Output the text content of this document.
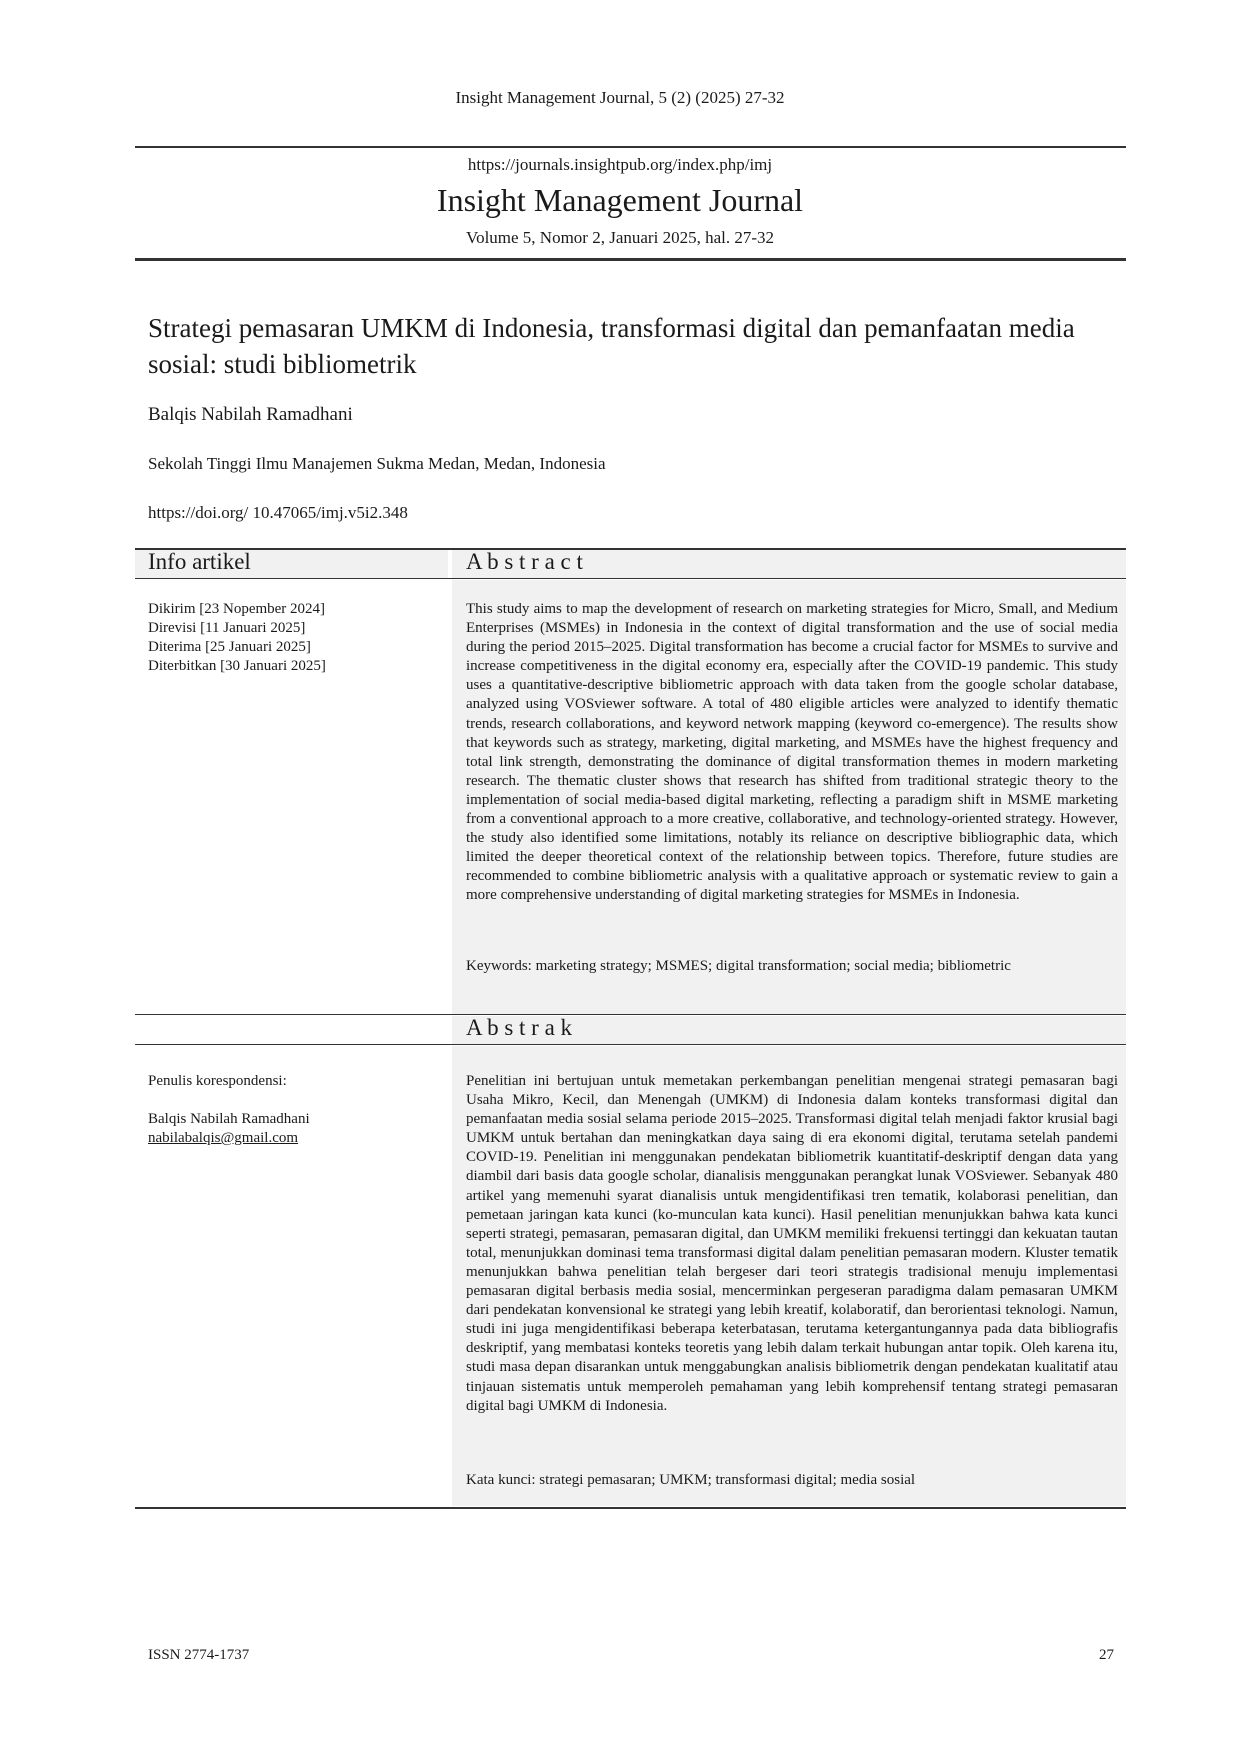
Insight Management Journal, 5 (2) (2025) 27-32
https://journals.insightpub.org/index.php/imj
Insight Management Journal
Volume 5, Nomor 2, Januari 2025, hal. 27-32
Strategi pemasaran UMKM di Indonesia, transformasi digital dan pemanfaatan media sosial: studi bibliometrik
Balqis Nabilah Ramadhani
Sekolah Tinggi Ilmu Manajemen Sukma Medan, Medan, Indonesia
https://doi.org/ 10.47065/imj.v5i2.348
Info artikel	A b s t r a c t
Dikirim [23 Nopember 2024]
Direvisi [11 Januari 2025]
Diterima [25 Januari 2025]
Diterbitkan [30 Januari 2025]
This study aims to map the development of research on marketing strategies for Micro, Small, and Medium Enterprises (MSMEs) in Indonesia in the context of digital transformation and the use of social media during the period 2015–2025. Digital transformation has become a crucial factor for MSMEs to survive and increase competitiveness in the digital economy era, especially after the COVID-19 pandemic. This study uses a quantitative-descriptive bibliometric approach with data taken from the google scholar database, analyzed using VOSviewer software. A total of 480 eligible articles were analyzed to identify thematic trends, research collaborations, and keyword network mapping (keyword co-emergence). The results show that keywords such as strategy, marketing, digital marketing, and MSMEs have the highest frequency and total link strength, demonstrating the dominance of digital transformation themes in modern marketing research. The thematic cluster shows that research has shifted from traditional strategic theory to the implementation of social media-based digital marketing, reflecting a paradigm shift in MSME marketing from a conventional approach to a more creative, collaborative, and technology-oriented strategy. However, the study also identified some limitations, notably its reliance on descriptive bibliographic data, which limited the deeper theoretical context of the relationship between topics. Therefore, future studies are recommended to combine bibliometric analysis with a qualitative approach or systematic review to gain a more comprehensive understanding of digital marketing strategies for MSMEs in Indonesia.
Keywords: marketing strategy; MSMES; digital transformation; social media; bibliometric
A b s t r a k
Penulis korespondensi:
Balqis Nabilah Ramadhani
nabilabalqis@gmail.com
Penelitian ini bertujuan untuk memetakan perkembangan penelitian mengenai strategi pemasaran bagi Usaha Mikro, Kecil, dan Menengah (UMKM) di Indonesia dalam konteks transformasi digital dan pemanfaatan media sosial selama periode 2015–2025. Transformasi digital telah menjadi faktor krusial bagi UMKM untuk bertahan dan meningkatkan daya saing di era ekonomi digital, terutama setelah pandemi COVID-19. Penelitian ini menggunakan pendekatan bibliometrik kuantitatif-deskriptif dengan data yang diambil dari basis data google scholar, dianalisis menggunakan perangkat lunak VOSviewer. Sebanyak 480 artikel yang memenuhi syarat dianalisis untuk mengidentifikasi tren tematik, kolaborasi penelitian, dan pemetaan jaringan kata kunci (ko-munculan kata kunci). Hasil penelitian menunjukkan bahwa kata kunci seperti strategi, pemasaran, pemasaran digital, dan UMKM memiliki frekuensi tertinggi dan kekuatan tautan total, menunjukkan dominasi tema transformasi digital dalam penelitian pemasaran modern. Kluster tematik menunjukkan bahwa penelitian telah bergeser dari teori strategis tradisional menuju implementasi pemasaran digital berbasis media sosial, mencerminkan pergeseran paradigma dalam pemasaran UMKM dari pendekatan konvensional ke strategi yang lebih kreatif, kolaboratif, dan berorientasi teknologi. Namun, studi ini juga mengidentifikasi beberapa keterbatasan, terutama ketergantungannya pada data bibliografis deskriptif, yang membatasi konteks teoretis yang lebih dalam terkait hubungan antar topik. Oleh karena itu, studi masa depan disarankan untuk menggabungkan analisis bibliometrik dengan pendekatan kualitatif atau tinjauan sistematis untuk memperoleh pemahaman yang lebih komprehensif tentang strategi pemasaran digital bagi UMKM di Indonesia.
Kata kunci: strategi pemasaran; UMKM; transformasi digital; media sosial
ISSN 2774-1737	27
